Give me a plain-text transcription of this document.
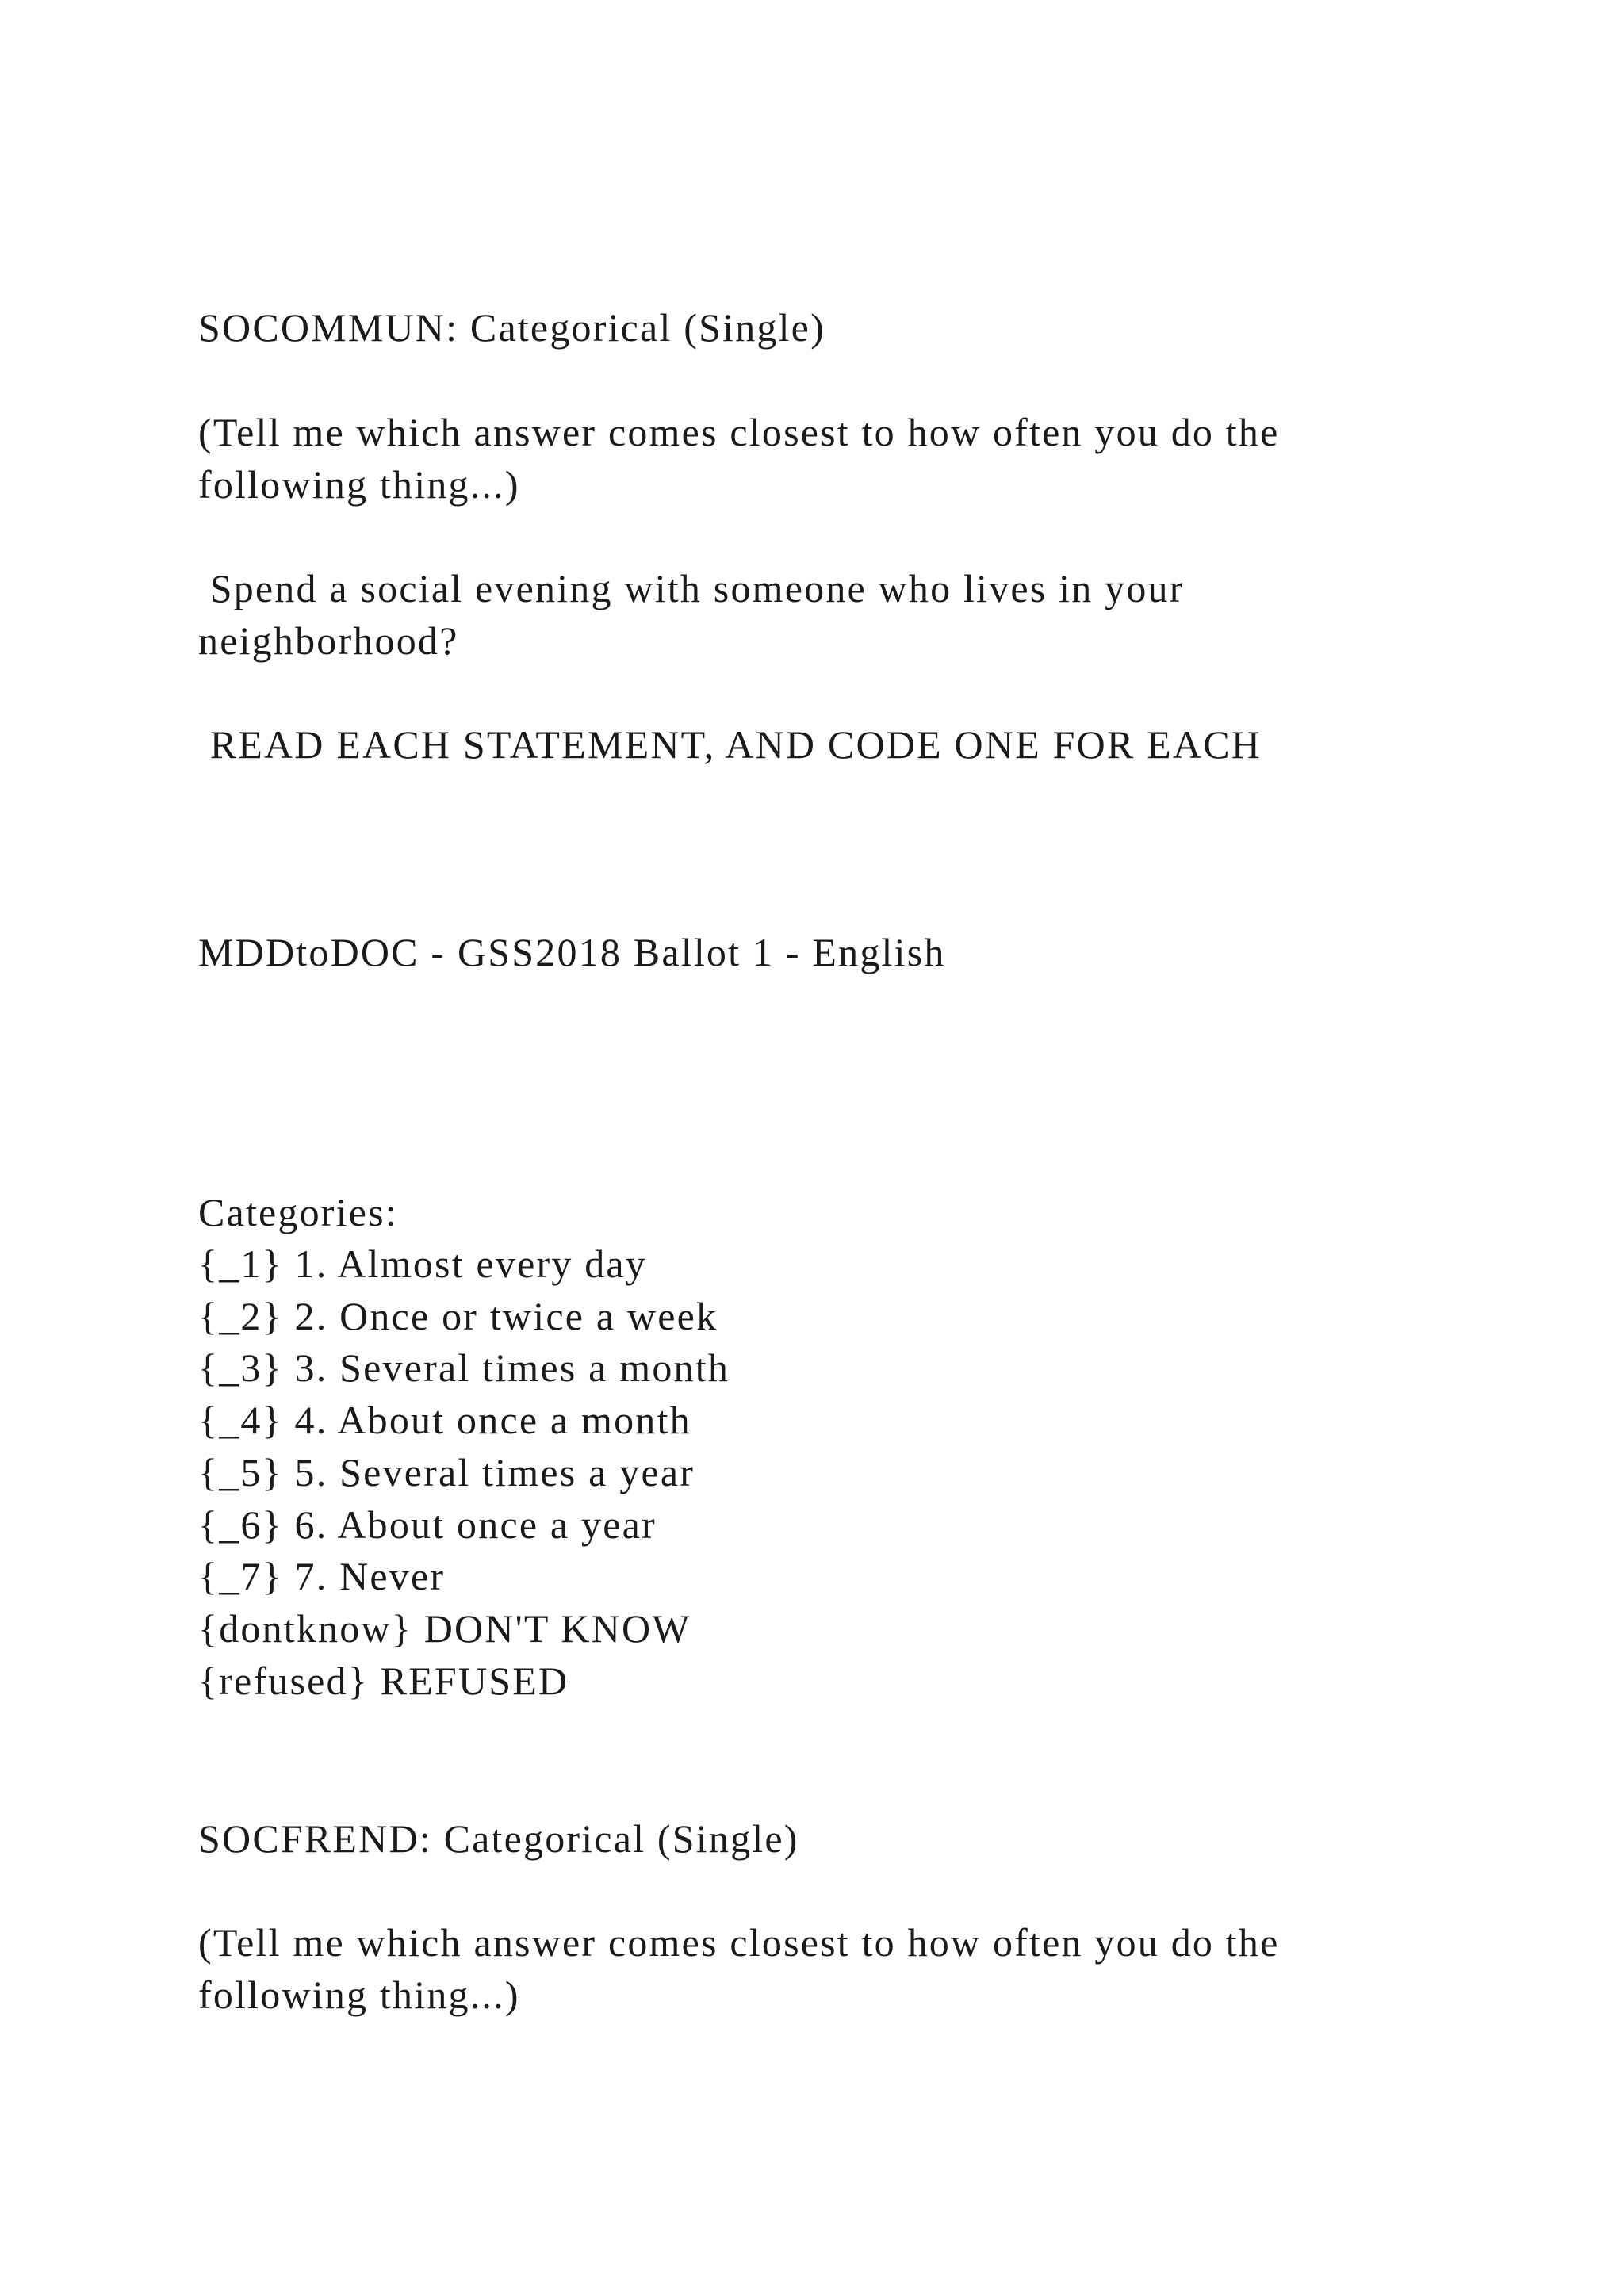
SOCOMMUN: Categorical (Single)

(Tell me which answer comes closest to how often you do the

following thing...)

Spend a social evening with someone who lives in your

neighborhood?

READ EACH STATEMENT, AND CODE ONE FOR EACH

MDDtoDOC - GSS2018 Ballot 1 - English

Categories:

{_1} 1. Almost every day
{_2} 2. Once or twice a week
{_3} 3. Several times a month
{_4} 4. About once a month
{_5} 5. Several times a year
{_6} 6. About once a year
{_7} 7. Never
{dontknow} DON'T KNOW
{refused} REFUSED

SOCFREND: Categorical (Single)

(Tell me which answer comes closest to how often you do the

following thing...)
